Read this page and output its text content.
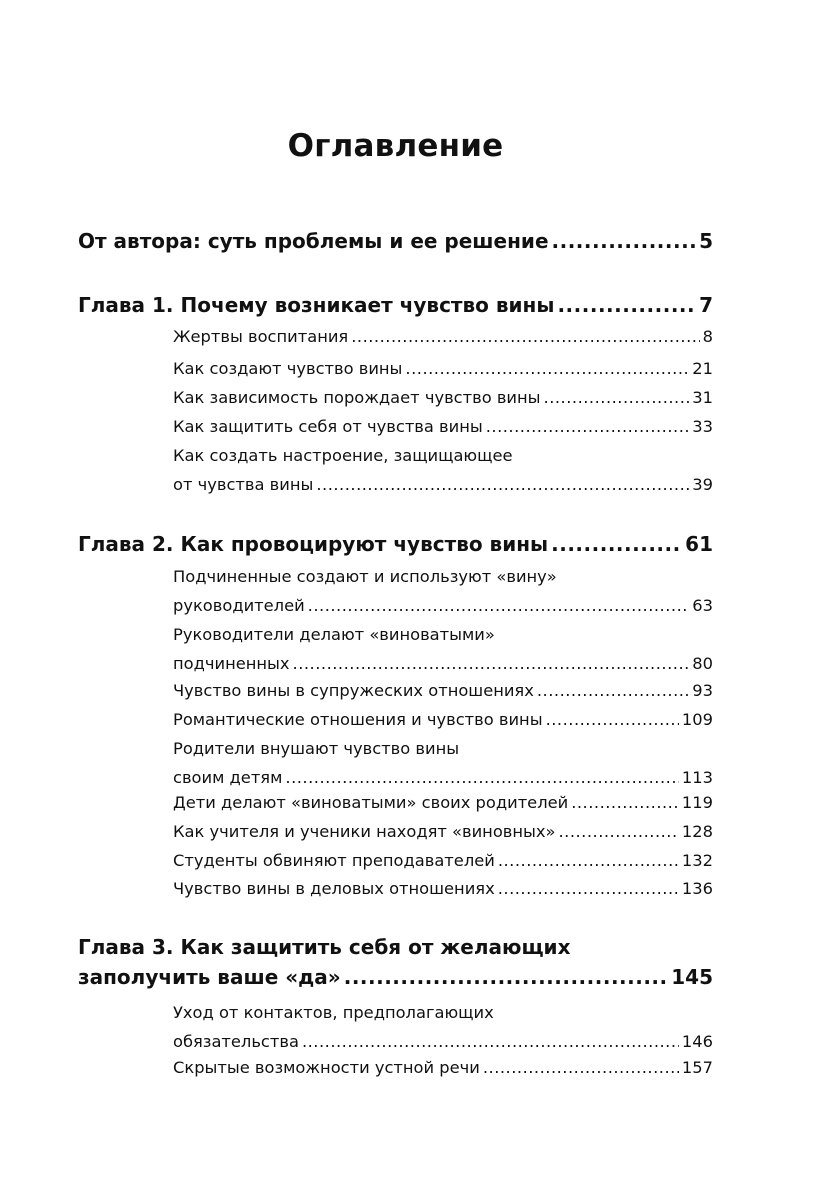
Оглавление
От автора: суть проблемы и ее решение .....	5
Глава 1. Почему возникает чувство вины .....	7
Жертвы воспитания .....	8
Как создают чувство вины .....	21
Как зависимость порождает чувство вины .....	31
Как защитить себя от чувства вины .....	33
Как создать настроение, защищающее
от чувства вины .....	39
Глава 2. Как провоцируют чувство вины .....	61
Подчиненные создают и используют «вину»
руководителей .....	63
Руководители делают «виноватыми»
подчиненных .....	80
Чувство вины в супружеских отношениях .....	93
Романтические отношения и чувство вины .....	109
Родители внушают чувство вины
своим детям .....	113
Дети делают «виноватыми» своих родителей .....	119
Как учителя и ученики находят «виновных» .....	128
Студенты обвиняют преподавателей .....	132
Чувство вины в деловых отношениях .....	136
Глава 3. Как защитить себя от желающих
заполучить ваше «да» .....	145
Уход от контактов, предполагающих
обязательства .....	146
Скрытые возможности устной речи .....	157
